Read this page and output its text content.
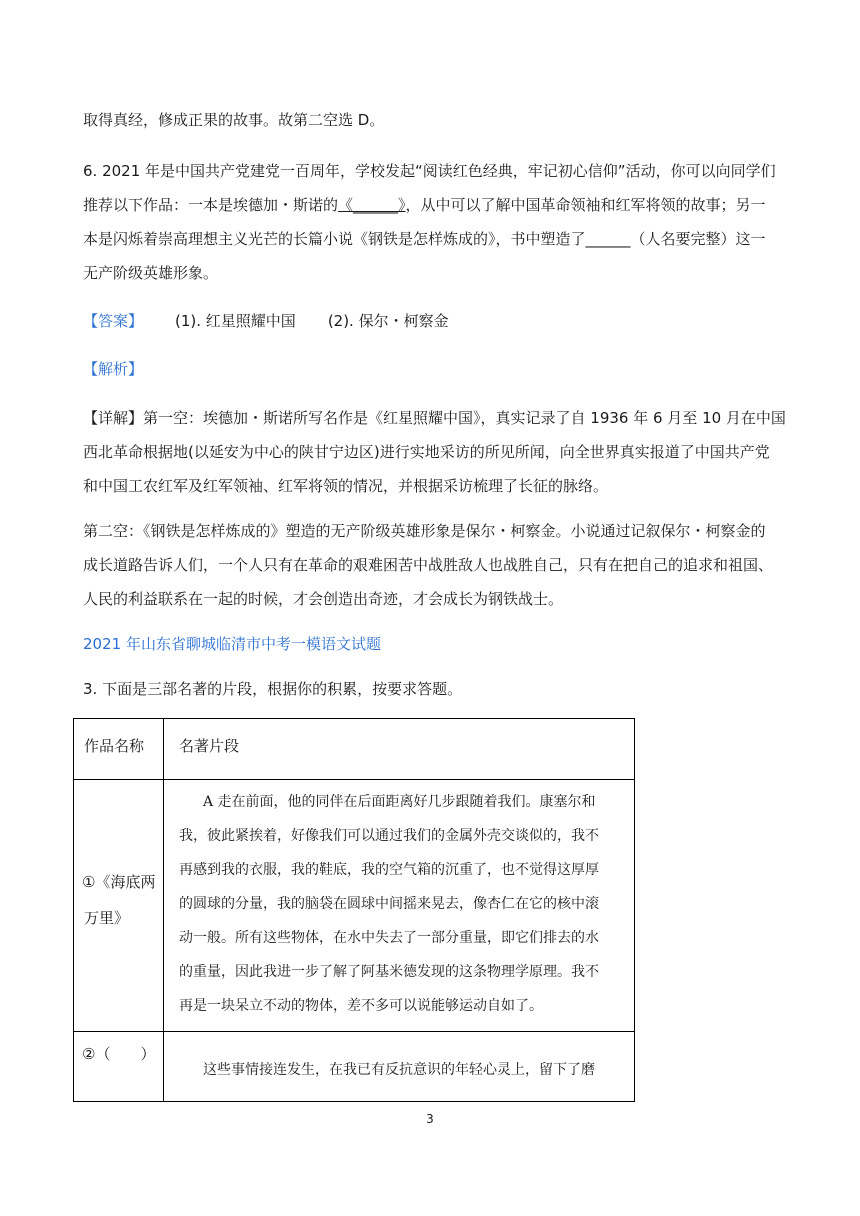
取得真经，修成正果的故事。故第二空选 D。
6. 2021 年是中国共产党建党一百周年，学校发起“阅读红色经典，牢记初心信仰”活动，你可以向同学们
推荐以下作品：一本是埃德加・斯诺的《______》，从中可以了解中国革命领袖和红军将领的故事；另一
本是闪烁着崇高理想主义光芒的长篇小说《钢铁是怎样炼成的》，书中塑造了______（人名要完整）这一
无产阶级英雄形象。
【答案】 (1). 红星照耀中国 (2). 保尔・柯察金
【解析】
【详解】第一空：埃德加・斯诺所写名作是《红星照耀中国》，真实记录了自 1936 年 6 月至 10 月在中国
西北革命根据地(以延安为中心的陕甘宁边区)进行实地采访的所见所闻，向全世界真实报道了中国共产党
和中国工农红军及红军领袖、红军将领的情况，并根据采访梳理了长征的脉络。
第二空：《钢铁是怎样炼成的》塑造的无产阶级英雄形象是保尔・柯察金。小说通过记叙保尔・柯察金的
成长道路告诉人们，一个人只有在革命的艰难困苦中战胜敌人也战胜自己，只有在把自己的追求和祖国、
人民的利益联系在一起的时候，才会创造出奇迹，才会成长为钢铁战士。
2021 年山东省聊城临清市中考一模语文试题
3. 下面是三部名著的片段，根据你的积累，按要求答题。
作品名称 名著片段
①《海底两
万里》
A 走在前面，他的同伴在后面距离好几步跟随着我们。康塞尔和
我，彼此紧挨着，好像我们可以通过我们的金属外壳交谈似的，我不
再感到我的衣服，我的鞋底，我的空气箱的沉重了，也不觉得这厚厚
的圆球的分量，我的脑袋在圆球中间摇来晃去，像杏仁在它的核中滚
动一般。所有这些物体，在水中失去了一部分重量，即它们排去的水
的重量，因此我进一步了解了阿基米德发现的这条物理学原理。我不
再是一块呆立不动的物体，差不多可以说能够运动自如了。
②（　　）
这些事情接连发生，在我已有反抗意识的年轻心灵上，留下了磨
3
